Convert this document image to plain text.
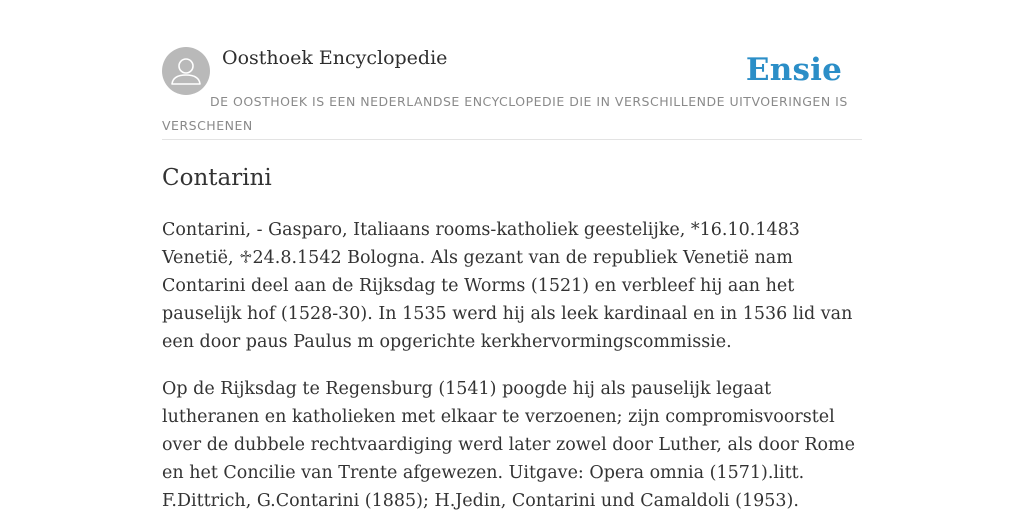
Oosthoek Encyclopedie	Ensie
DE OOSTHOEK IS EEN NEDERLANDSE ENCYCLOPEDIE DIE IN VERSCHILLENDE UITVOERINGEN IS VERSCHENEN
Contarini

Contarini, - Gasparo, Italiaans rooms-katholiek geestelijke, *16.10.1483 Venetië, ♱24.8.1542 Bologna. Als gezant van de republiek Venetië nam Contarini deel aan de Rijksdag te Worms (1521) en verbleef hij aan het pauselijk hof (1528-30). In 1535 werd hij als leek kardinaal en in 1536 lid van een door paus Paulus m opgerichte kerkhervormingscommissie.

Op de Rijksdag te Regensburg (1541) poogde hij als pauselijk legaat lutheranen en katholieken met elkaar te verzoenen; zijn compromisvoorstel over de dubbele rechtvaardiging werd later zowel door Luther, als door Rome en het Concilie van Trente afgewezen. Uitgave: Opera omnia (1571).litt. F.Dittrich, G.Contarini (1885); H.Jedin, Contarini und Camaldoli (1953).
